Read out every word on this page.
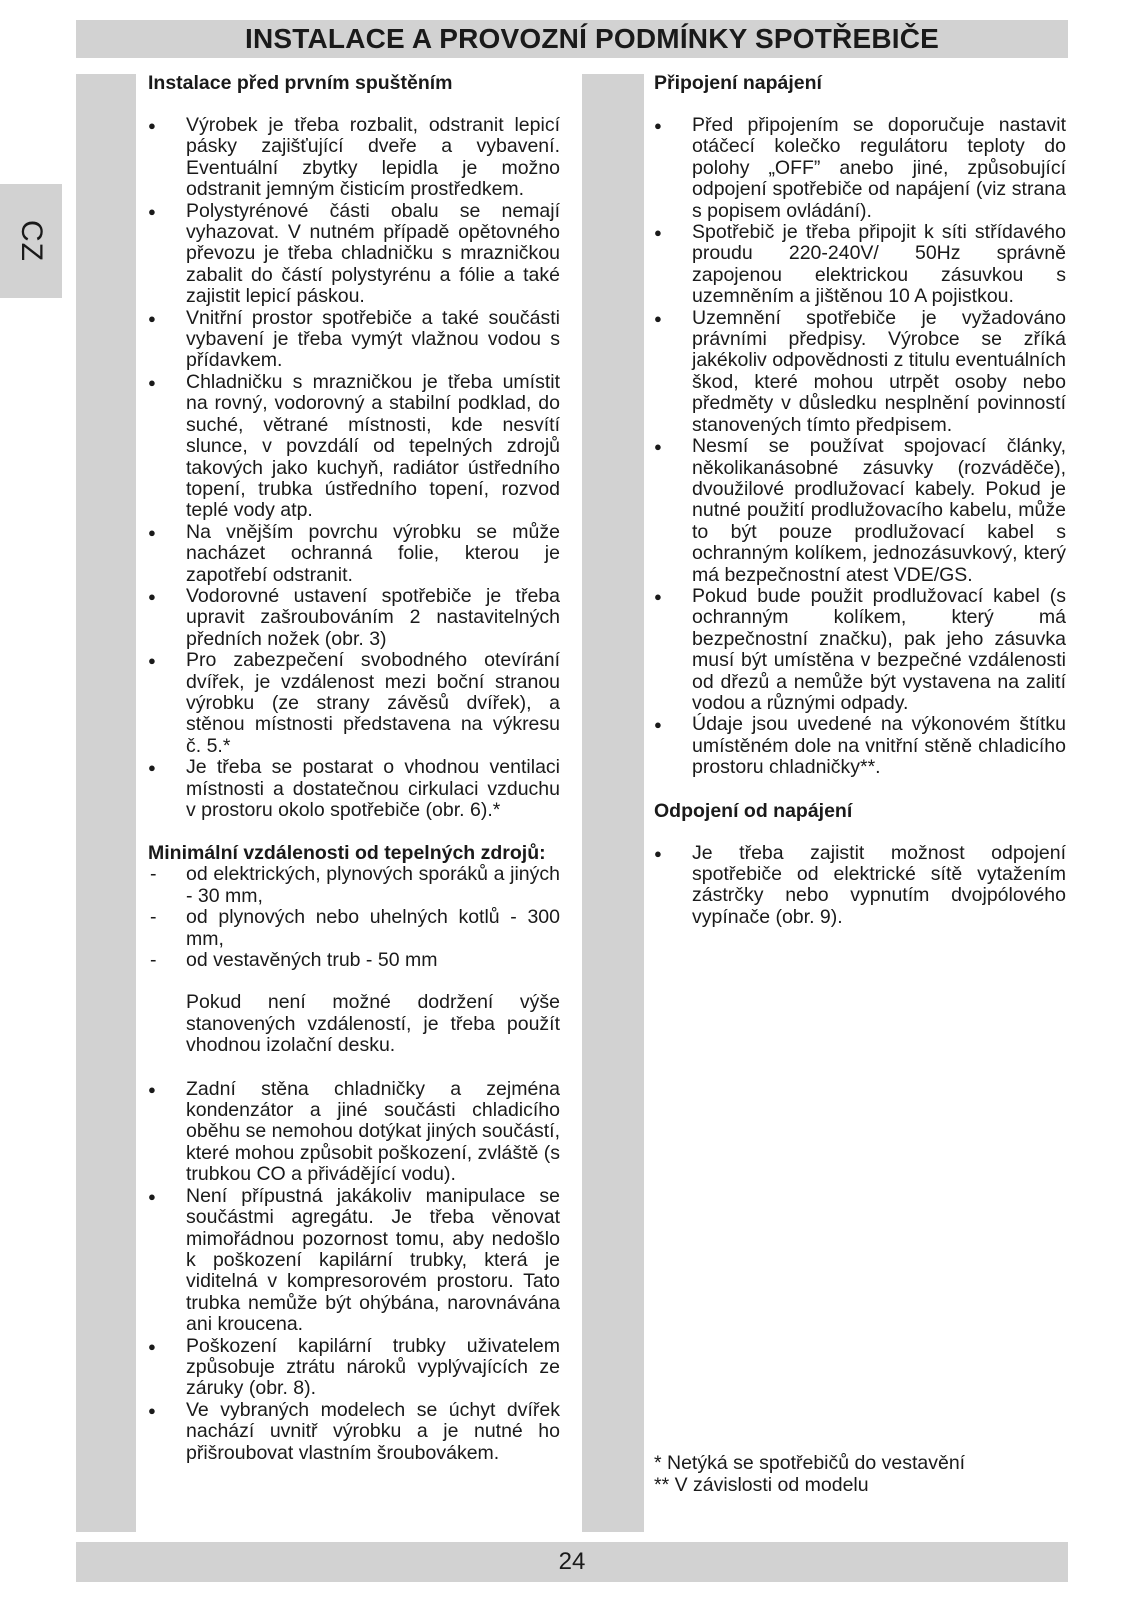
INSTALACE A PROVOZNÍ PODMÍNKY SPOTŘEBIČE
CZ
Instalace před prvním spuštěním
● Výrobek je třeba rozbalit, odstranit lepicí pásky zajišťující dveře a vybavení. Eventuální zbytky lepidla je možno odstranit jemným čisticím prostředkem.
● Polystyrénové části obalu se nemají vyhazovat. V nutném případě opětovného převozu je třeba chladničku s mrazničkou zabalit do částí polystyrénu a fólie a také zajistit lepicí páskou.
● Vnitřní prostor spotřebiče a také součásti vybavení je třeba vymýt vlažnou vodou s přídavkem.
● Chladničku s mrazničkou je třeba umístit na rovný, vodorovný a stabilní podklad, do suché, větrané místnosti, kde nesvítí slunce, v povzdálí od tepelných zdrojů takových jako kuchyň, radiátor ústředního topení, trubka ústředního topení, rozvod teplé vody atp.
● Na vnějším povrchu výrobku se může nacházet ochranná folie, kterou je zapotřebí odstranit.
● Vodorovné ustavení spotřebiče je třeba upravit zašroubováním 2 nastavitelných předních nožek (obr. 3)
● Pro zabezpečení svobodného otevírání dvířek, je vzdálenost mezi boční stranou výrobku (ze strany závěsů dvířek), a stěnou místnosti představena na výkresu č. 5.*
● Je třeba se postarat o vhodnou ventilaci místnosti a dostatečnou cirkulaci vzduchu v prostoru okolo spotřebiče (obr. 6).*
Minimální vzdálenosti od tepelných zdrojů:
- od elektrických, plynových sporáků a jiných - 30 mm,
- od plynových nebo uhelných kotlů - 300 mm,
- od vestavěných trub - 50 mm

Pokud není možné dodržení výše stanovených vzdáleností, je třeba použít vhodnou izolační desku.

● Zadní stěna chladničky a zejména kondenzátor a jiné součásti chladicího oběhu se nemohou dotýkat jiných součástí, které mohou způsobit poškození, zvláště (s trubkou CO a přivádějící vodu).
● Není přípustná jakákoliv manipulace se součástmi agregátu. Je třeba věnovat mimořádnou pozornost tomu, aby nedošlo k poškození kapilární trubky, která je viditelná v kompresorovém prostoru. Tato trubka nemůže být ohýbána, narovnávána ani kroucena.
● Poškození kapilární trubky uživatelem způsobuje ztrátu nároků vyplývajících ze záruky (obr. 8).
● Ve vybraných modelech se úchyt dvířek nachází uvnitř výrobku a je nutné ho přišroubovat vlastním šroubovákem.
Připojení napájení
● Před připojením se doporučuje nastavit otáčecí kolečko regulátoru teploty do polohy „OFF” anebo jiné, způsobující odpojení spotřebiče od napájení (viz strana s popisem ovládání).
● Spotřebič je třeba připojit k síti střídavého proudu 220-240V/ 50Hz správně zapojenou elektrickou zásuvkou s uzemněním a jištěnou 10 A pojistkou.
● Uzemnění spotřebiče je vyžadováno právními předpisy. Výrobce se zříká jakékoliv odpovědnosti z titulu eventuálních škod, které mohou utrpět osoby nebo předměty v důsledku nesplnění povinností stanovených tímto předpisem.
● Nesmí se používat spojovací články, několikanásobné zásuvky (rozváděče), dvoužilové prodlužovací kabely. Pokud je nutné použití prodlužovacího kabelu, může to být pouze prodlužovací kabel s ochranným kolíkem, jednozásuvkový, který má bezpečnostní atest VDE/GS.
● Pokud bude použit prodlužovací kabel (s ochranným kolíkem, který má bezpečnostní značku), pak jeho zásuvka musí být umístěna v bezpečné vzdálenosti od dřezů a nemůže být vystavena na zalití vodou a různými odpady.
● Údaje jsou uvedené na výkonovém štítku umístěném dole na vnitřní stěně chladicího prostoru chladničky**.
Odpojení od napájení
● Je třeba zajistit možnost odpojení spotřebiče od elektrické sítě vytažením zástrčky nebo vypnutím dvojpólového vypínače (obr. 9).
* Netýká se spotřebičů do vestavění
** V závislosti od modelu
24
